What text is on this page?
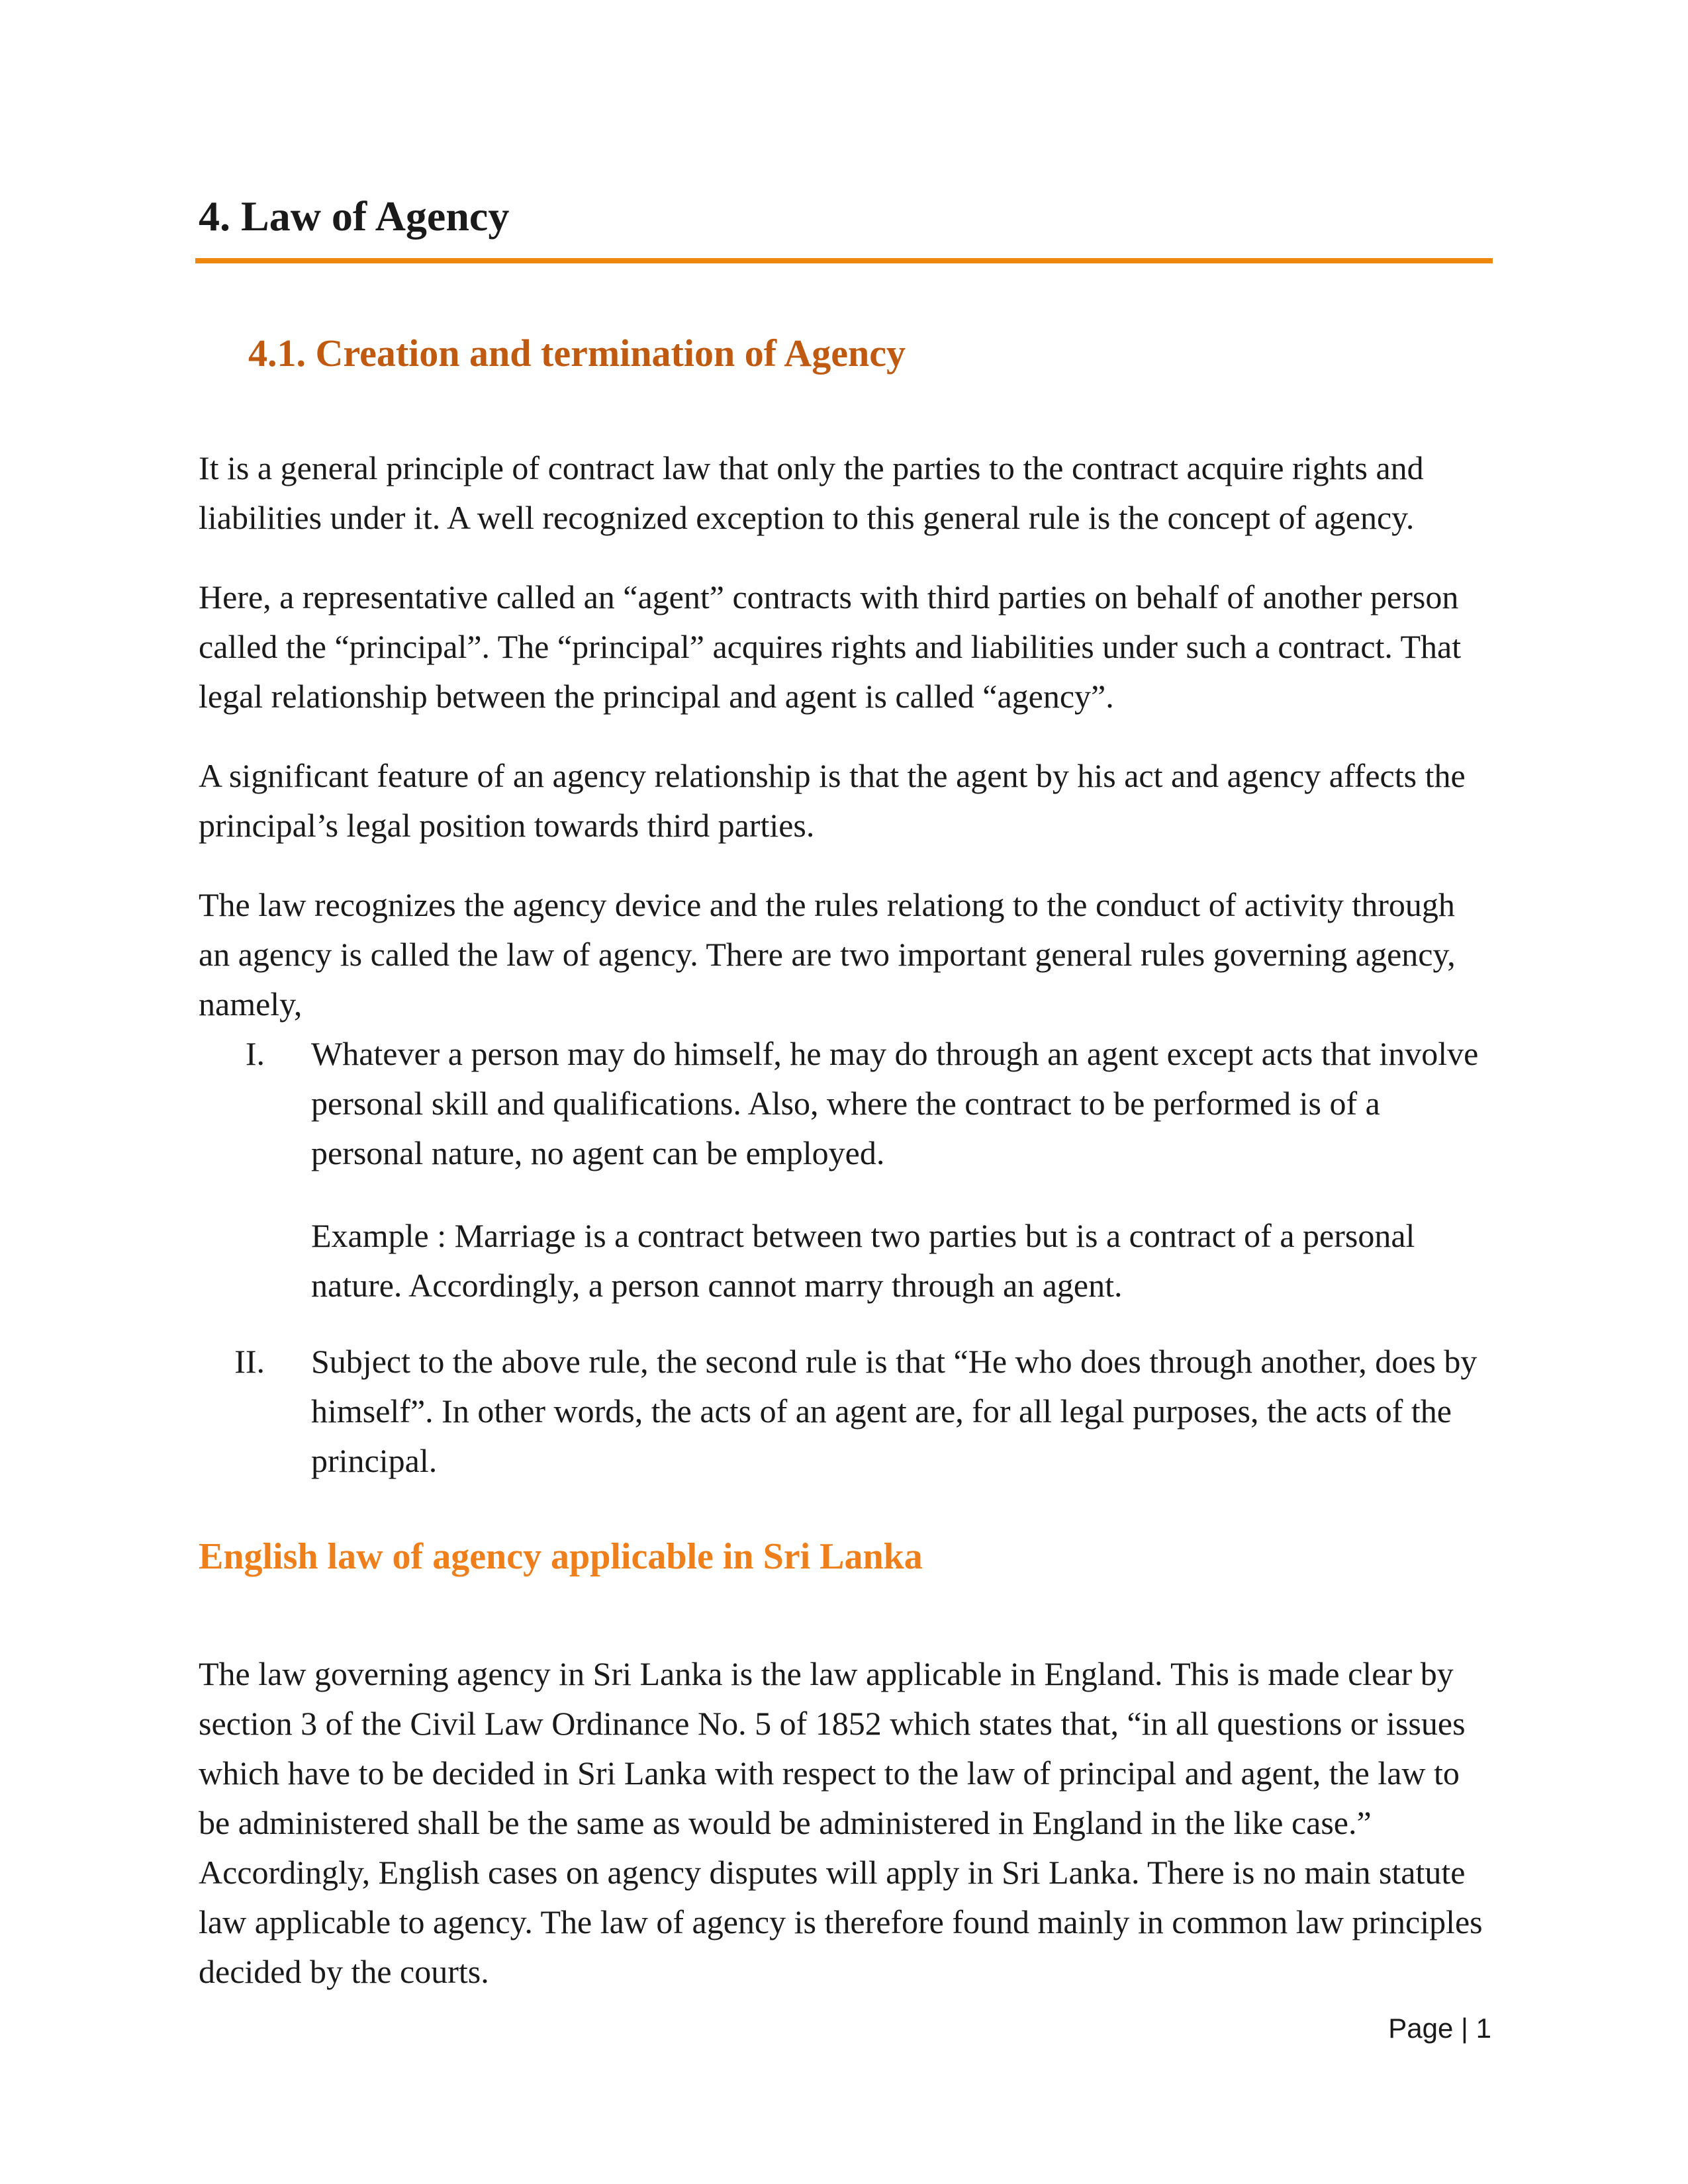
4. Law of Agency
4.1. Creation and termination of Agency

It is a general principle of contract law that only the parties to the contract acquire rights and liabilities under it. A well recognized exception to this general rule is the concept of agency.

Here, a representative called an “agent” contracts with third parties on behalf of another person called the “principal”. The “principal” acquires rights and liabilities under such a contract. That legal relationship between the principal and agent is called “agency”.

A significant feature of an agency relationship is that the agent by his act and agency affects the principal’s legal position towards third parties.

The law recognizes the agency device and the rules relationg to the conduct of activity through an agency is called the law of agency. There are two important general rules governing agency, namely,

I. Whatever a person may do himself, he may do through an agent except acts that involve personal skill and qualifications. Also, where the contract to be performed is of a personal nature, no agent can be employed.
Example : Marriage is a contract between two parties but is a contract of a personal nature. Accordingly, a person cannot marry through an agent.
II. Subject to the above rule, the second rule is that “He who does through another, does by himself”. In other words, the acts of an agent are, for all legal purposes, the acts of the principal.
English law of agency applicable in Sri Lanka

The law governing agency in Sri Lanka is the law applicable in England. This is made clear by section 3 of the Civil Law Ordinance No. 5 of 1852 which states that, “in all questions or issues which have to be decided in Sri Lanka with respect to the law of principal and agent, the law to be administered shall be the same as would be administered in England in the like case.” Accordingly, English cases on agency disputes will apply in Sri Lanka. There is no main statute law applicable to agency. The law of agency is therefore found mainly in common law principles decided by the courts.

Page | 1
